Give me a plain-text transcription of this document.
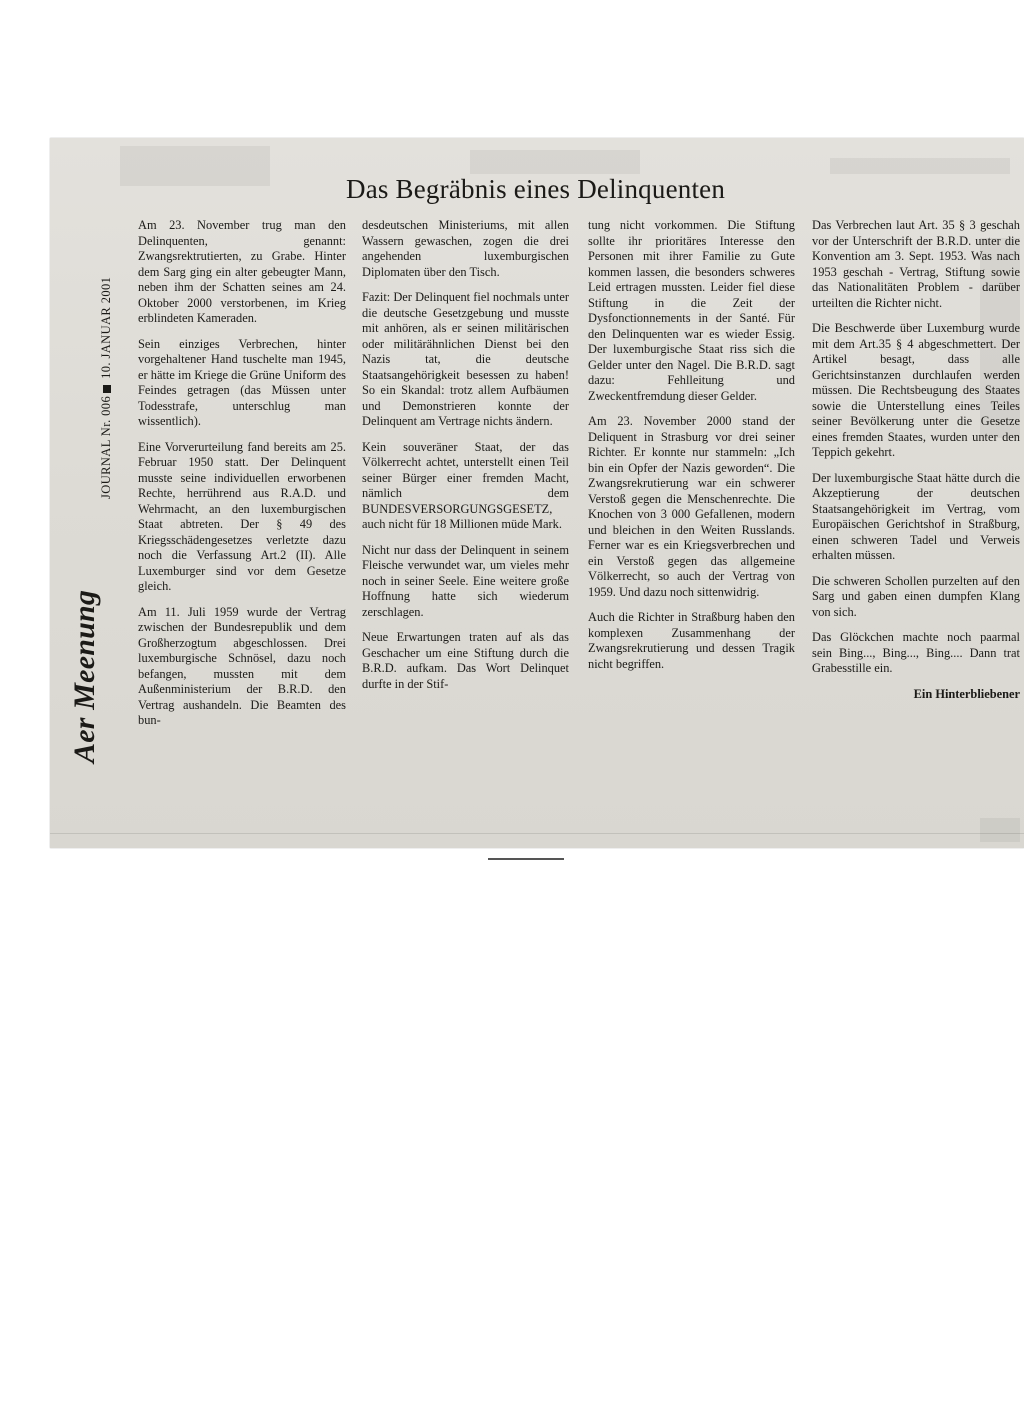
Aer Meenung
JOURNAL Nr. 00610. JANUAR 2001
Das Begräbnis eines Delinquenten

Am 23. November trug man den Delinquenten, genannt: Zwangsrektrutierten, zu Grabe. Hinter dem Sarg ging ein alter gebeugter Mann, neben ihm der Schatten seines am 24. Oktober 2000 verstorbenen, im Krieg erblindeten Kameraden.

Sein einziges Verbrechen, hinter vorgehaltener Hand tuschelte man 1945, er hätte im Kriege die Grüne Uniform des Feindes getragen (das Müssen unter Todesstrafe, unterschlug man wissentlich).

Eine Vorverurteilung fand bereits am 25. Februar 1950 statt. Der Delinquent musste seine individuellen erworbenen Rechte, herrührend aus R.A.D. und Wehrmacht, an den luxemburgischen Staat abtreten. Der § 49 des Kriegsschädengesetzes verletzte dazu noch die Verfassung Art.2 (II). Alle Luxemburger sind vor dem Gesetze gleich.

Am 11. Juli 1959 wurde der Vertrag zwischen der Bundesrepublik und dem Großherzogtum abgeschlossen. Drei luxemburgische Schnösel, dazu noch befangen, mussten mit dem Außenministerium der B.R.D. den Vertrag aushandeln. Die Beamten des bun-

desdeutschen Ministeriums, mit allen Wassern gewaschen, zogen die drei angehenden luxemburgischen Diplomaten über den Tisch.

Fazit: Der Delinquent fiel nochmals unter die deutsche Gesetzgebung und musste mit anhören, als er seinen militärischen oder militärähnlichen Dienst bei den Nazis tat, die deutsche Staatsangehörigkeit besessen zu haben! So ein Skandal: trotz allem Aufbäumen und Demonstrieren konnte der Delinquent am Vertrage nichts ändern.

Kein souveräner Staat, der das Völkerrecht achtet, unterstellt einen Teil seiner Bürger einer fremden Macht, nämlich dem BUNDESVERSORGUNGSGESETZ, auch nicht für 18 Millionen müde Mark.

Nicht nur dass der Delinquent in seinem Fleische verwundet war, um vieles mehr noch in seiner Seele. Eine weitere große Hoffnung hatte sich wiederum zerschlagen.

Neue Erwartungen traten auf als das Geschacher um eine Stiftung durch die B.R.D. aufkam. Das Wort Delinquet durfte in der Stif-

tung nicht vorkommen. Die Stiftung sollte ihr prioritäres Interesse den Personen mit ihrer Familie zu Gute kommen lassen, die besonders schweres Leid ertragen mussten. Leider fiel diese Stiftung in die Zeit der Dysfonctionnements in der Santé. Für den Delinquenten war es wieder Essig. Der luxemburgische Staat riss sich die Gelder unter den Nagel. Die B.R.D. sagt dazu: Fehlleitung und Zweckentfremdung dieser Gelder.

Am 23. November 2000 stand der Deliquent in Strasburg vor drei seiner Richter. Er konnte nur stammeln: „Ich bin ein Opfer der Nazis geworden“. Die Zwangsrekrutierung war ein schwerer Verstoß gegen die Menschenrechte. Die Knochen von 3 000 Gefallenen, modern und bleichen in den Weiten Russlands. Ferner war es ein Kriegsverbrechen und ein Verstoß gegen das allgemeine Völkerrecht, so auch der Vertrag von 1959. Und dazu noch sittenwidrig.

Auch die Richter in Straßburg haben den komplexen Zusammenhang der Zwangsrekrutierung und dessen Tragik nicht begriffen.

Das Verbrechen laut Art. 35 § 3 geschah vor der Unterschrift der B.R.D. unter die Konvention am 3. Sept. 1953. Was nach 1953 geschah - Vertrag, Stiftung sowie das Nationalitäten Problem - darüber urteilten die Richter nicht.

Die Beschwerde über Luxemburg wurde mit dem Art.35 § 4 abgeschmettert. Der Artikel besagt, dass alle Gerichtsinstanzen durchlaufen werden müssen. Die Rechtsbeugung des Staates sowie die Unterstellung eines Teiles seiner Bevölkerung unter die Gesetze eines fremden Staates, wurden unter den Teppich gekehrt.

Der luxemburgische Staat hätte durch die Akzeptierung der deutschen Staatsangehörigkeit im Vertrag, vom Europäischen Gerichtshof in Straßburg, einen schweren Tadel und Verweis erhalten müssen.

Die schweren Schollen purzelten auf den Sarg und gaben einen dumpfen Klang von sich.

Das Glöckchen machte noch paarmal sein Bing..., Bing..., Bing.... Dann trat Grabesstille ein.

Ein Hinterbliebener
